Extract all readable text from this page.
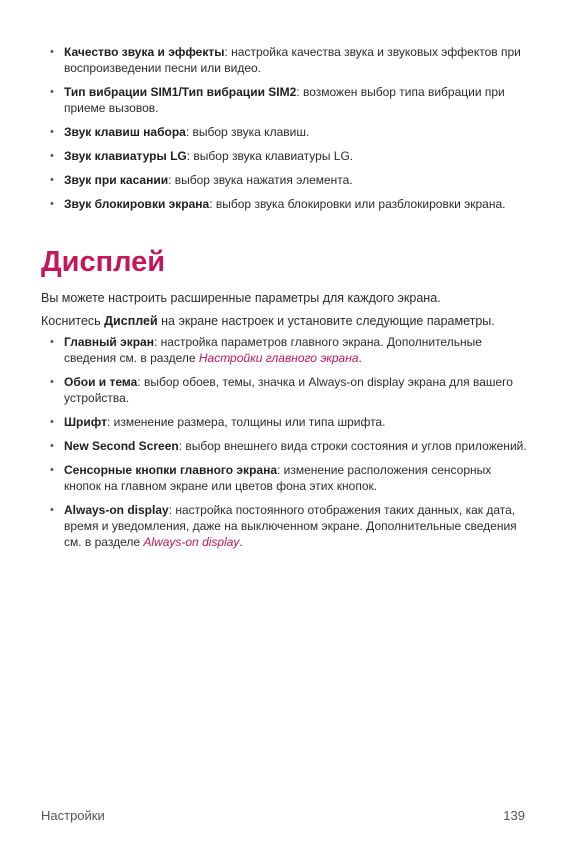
• Качество звука и эффекты: настройка качества звука и звуковых эффектов при воспроизведении песни или видео.
• Тип вибрации SIM1/Тип вибрации SIM2: возможен выбор типа вибрации при приеме вызовов.
• Звук клавиш набора: выбор звука клавиш.
• Звук клавиатуры LG: выбор звука клавиатуры LG.
• Звук при касании: выбор звука нажатия элемента.
• Звук блокировки экрана: выбор звука блокировки или разблокировки экрана.
Дисплей

Вы можете настроить расширенные параметры для каждого экрана.

Коснитесь Дисплей на экране настроек и установите следующие параметры.

• Главный экран: настройка параметров главного экрана. Дополнительные сведения см. в разделе Настройки главного экрана.
• Обои и тема: выбор обоев, темы, значка и Always-on display экрана для вашего устройства.
• Шрифт: изменение размера, толщины или типа шрифта.
• New Second Screen: выбор внешнего вида строки состояния и углов приложений.
• Сенсорные кнопки главного экрана: изменение расположения сенсорных кнопок на главном экране или цветов фона этих кнопок.
• Always-on display: настройка постоянного отображения таких данных, как дата, время и уведомления, даже на выключенном экране. Дополнительные сведения см. в разделе Always-on display.
Настройки	139
